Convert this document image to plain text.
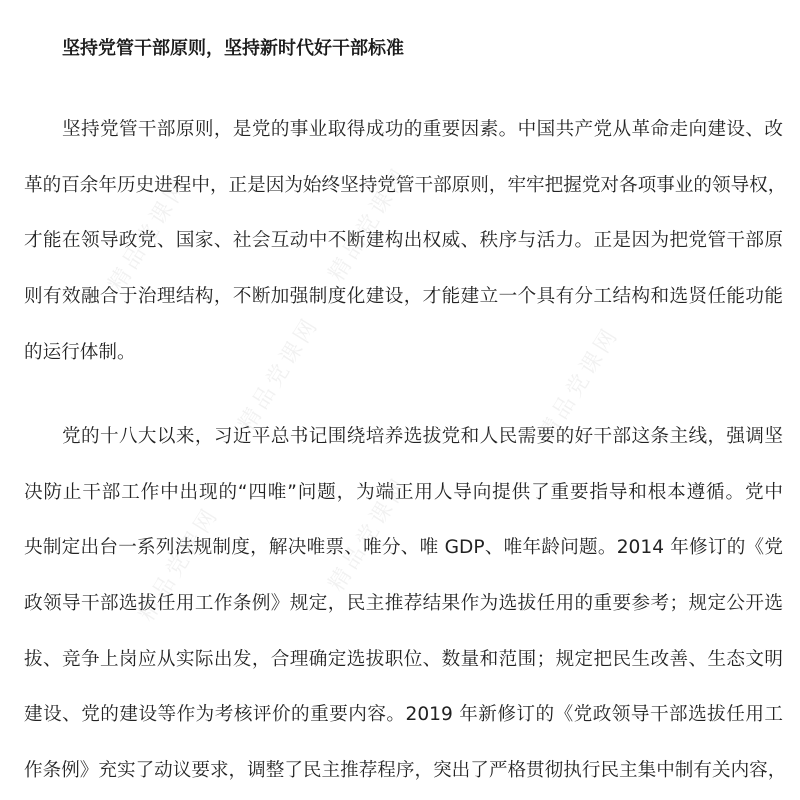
精品党课网	精品党课网
精品党课网
精品党课网	精品党课网
精品党课网
坚持党管干部原则，坚持新时代好干部标准
坚持党管干部原则，是党的事业取得成功的重要因素。中国共产党从革命走向建设、改
革的百余年历史进程中，正是因为始终坚持党管干部原则，牢牢把握党对各项事业的领导权，
才能在领导政党、国家、社会互动中不断建构出权威、秩序与活力。正是因为把党管干部原
则有效融合于治理结构，不断加强制度化建设，才能建立一个具有分工结构和选贤任能功能
的运行体制。
党的十八大以来，习近平总书记围绕培养选拔党和人民需要的好干部这条主线，强调坚
决防止干部工作中出现的“四唯”问题，为端正用人导向提供了重要指导和根本遵循。党中
央制定出台一系列法规制度，解决唯票、唯分、唯 GDP、唯年龄问题。2014 年修订的《党
政领导干部选拔任用工作条例》规定，民主推荐结果作为选拔任用的重要参考；规定公开选
拔、竞争上岗应从实际出发，合理确定选拔职位、数量和范围；规定把民生改善、生态文明
建设、党的建设等作为考核评价的重要内容。2019 年新修订的《党政领导干部选拔任用工
作条例》充实了动议要求，调整了民主推荐程序，突出了严格贯彻执行民主集中制有关内容，
